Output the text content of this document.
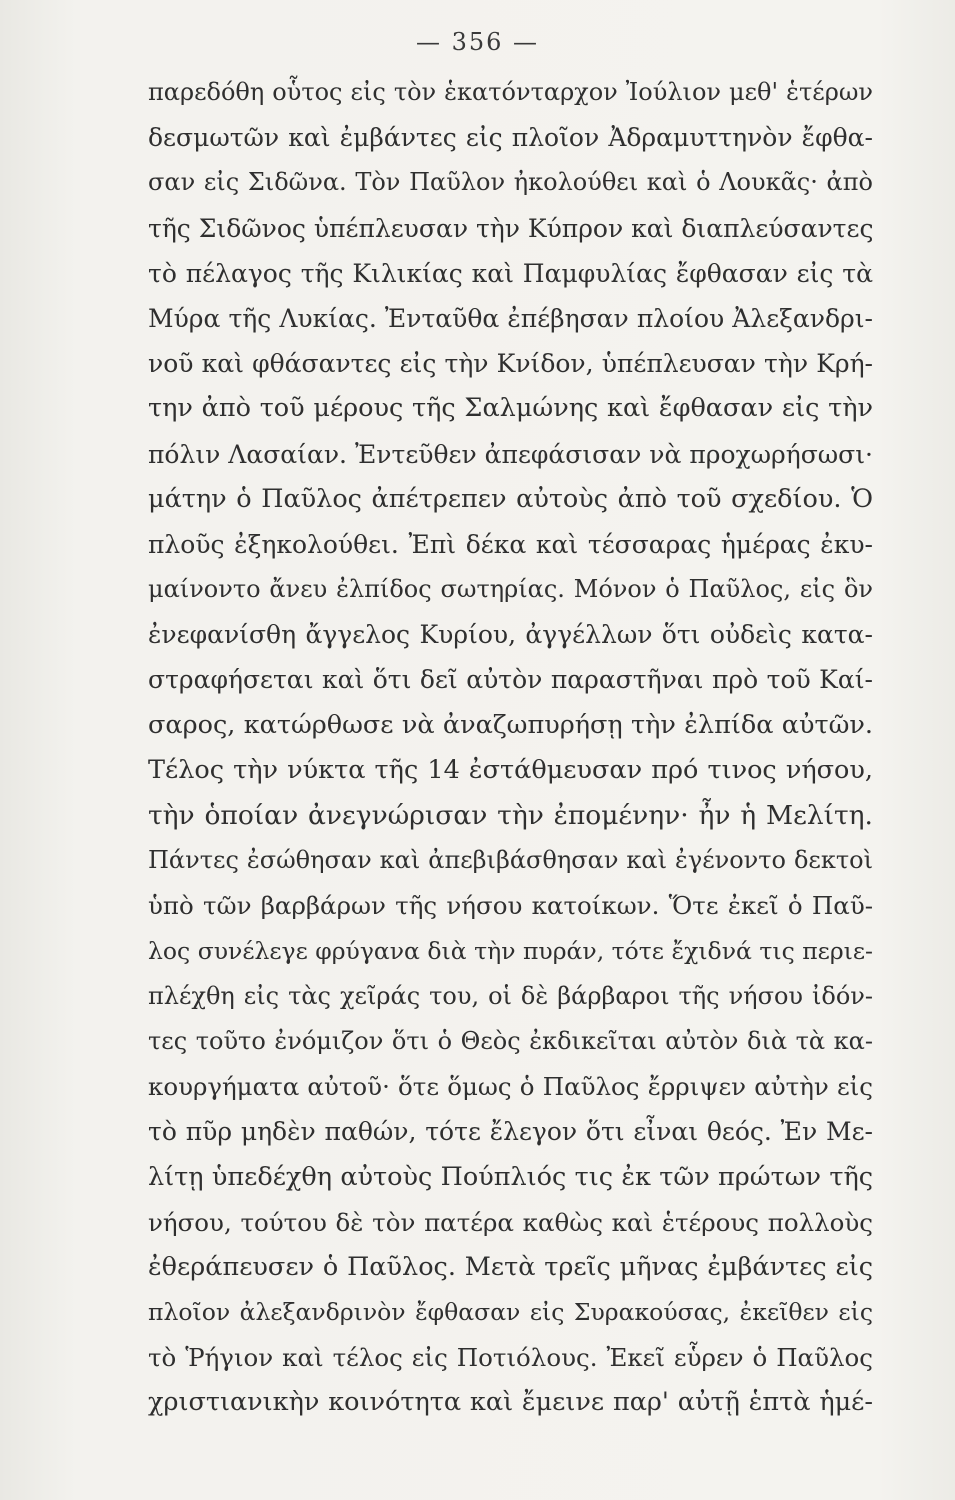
— 356 —
παρεδόθη οὗτος εἰς τὸν ἑκατόνταρχον Ἰούλιον μεθ' ἑτέρων
δεσμωτῶν καὶ ἐμβάντες εἰς πλοῖον Ἀδραμυττηνὸν ἔφθα-
σαν εἰς Σιδῶνα. Τὸν Παῦλον ἠκολούθει καὶ ὁ Λουκᾶς· ἀπὸ
τῆς Σιδῶνος ὑπέπλευσαν τὴν Κύπρον καὶ διαπλεύσαντες
τὸ πέλαγος τῆς Κιλικίας καὶ Παμφυλίας ἔφθασαν εἰς τὰ
Μύρα τῆς Λυκίας. Ἐνταῦθα ἐπέβησαν πλοίου Ἀλεξανδρι-
νοῦ καὶ φθάσαντες εἰς τὴν Κνίδον, ὑπέπλευσαν τὴν Κρή-
την ἀπὸ τοῦ μέρους τῆς Σαλμώνης καὶ ἔφθασαν εἰς τὴν
πόλιν Λασαίαν. Ἐντεῦθεν ἀπεφάσισαν νὰ προχωρήσωσι·
μάτην ὁ Παῦλος ἀπέτρεπεν αὐτοὺς ἀπὸ τοῦ σχεδίου. Ὁ
πλοῦς ἐξηκολούθει. Ἐπὶ δέκα καὶ τέσσαρας ἡμέρας ἐκυ-
μαίνοντο ἄνευ ἐλπίδος σωτηρίας. Μόνον ὁ Παῦλος, εἰς ὃν
ἐνεφανίσθη ἄγγελος Κυρίου, ἀγγέλλων ὅτι οὐδεὶς κατα-
στραφήσεται καὶ ὅτι δεῖ αὐτὸν παραστῆναι πρὸ τοῦ Καί-
σαρος, κατώρθωσε νὰ ἀναζωπυρήσῃ τὴν ἐλπίδα αὐτῶν.
Τέλος τὴν νύκτα τῆς 14 ἐστάθμευσαν πρό τινος νήσου,
τὴν ὁποίαν ἀνεγνώρισαν τὴν ἐπομένην· ἦν ἡ Μελίτη.
Πάντες ἐσώθησαν καὶ ἀπεβιβάσθησαν καὶ ἐγένοντο δεκτοὶ
ὑπὸ τῶν βαρβάρων τῆς νήσου κατοίκων. Ὅτε ἐκεῖ ὁ Παῦ-
λος συνέλεγε φρύγανα διὰ τὴν πυράν, τότε ἔχιδνά τις περιε-
πλέχθη εἰς τὰς χεῖράς του, οἱ δὲ βάρβαροι τῆς νήσου ἰδόν-
τες τοῦτο ἐνόμιζον ὅτι ὁ Θεὸς ἐκδικεῖται αὐτὸν διὰ τὰ κα-
κουργήματα αὐτοῦ· ὅτε ὅμως ὁ Παῦλος ἔρριψεν αὐτὴν εἰς
τὸ πῦρ μηδὲν παθών, τότε ἔλεγον ὅτι εἶναι θεός. Ἐν Με-
λίτῃ ὑπεδέχθη αὐτοὺς Πούπλιός τις ἐκ τῶν πρώτων τῆς
νήσου, τούτου δὲ τὸν πατέρα καθὼς καὶ ἑτέρους πολλοὺς
ἐθεράπευσεν ὁ Παῦλος. Μετὰ τρεῖς μῆνας ἐμβάντες εἰς
πλοῖον ἀλεξανδρινὸν ἔφθασαν εἰς Συρακούσας, ἐκεῖθεν εἰς
τὸ Ῥήγιον καὶ τέλος εἰς Ποτιόλους. Ἐκεῖ εὗρεν ὁ Παῦλος
χριστιανικὴν κοινότητα καὶ ἔμεινε παρ' αὐτῇ ἑπτὰ ἡμέ-
